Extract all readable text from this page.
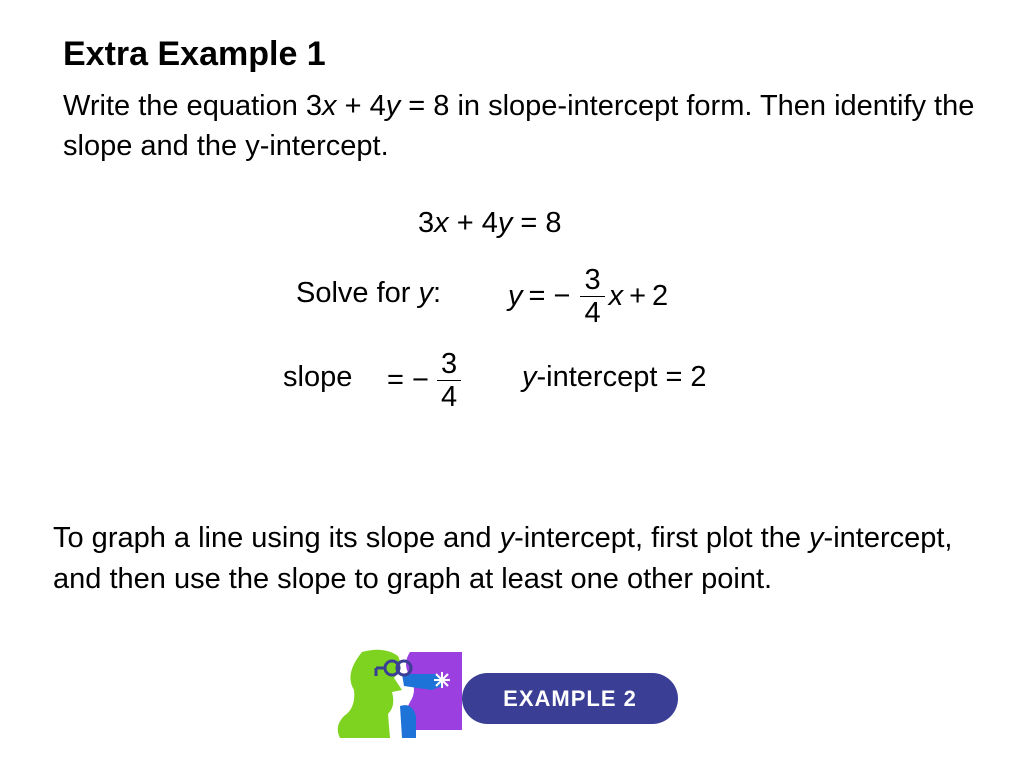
Extra Example 1
Write the equation 3x + 4y = 8 in slope-intercept form. Then identify the slope and the y-intercept.
3x + 4y = 8
Solve for y: y = − $\frac{3}{4}$ x + 2
slope = − $\frac{3}{4}$ y-intercept = 2
To graph a line using its slope and y-intercept, first plot the y-intercept, and then use the slope to graph at least one other point.
EXAMPLE 2
